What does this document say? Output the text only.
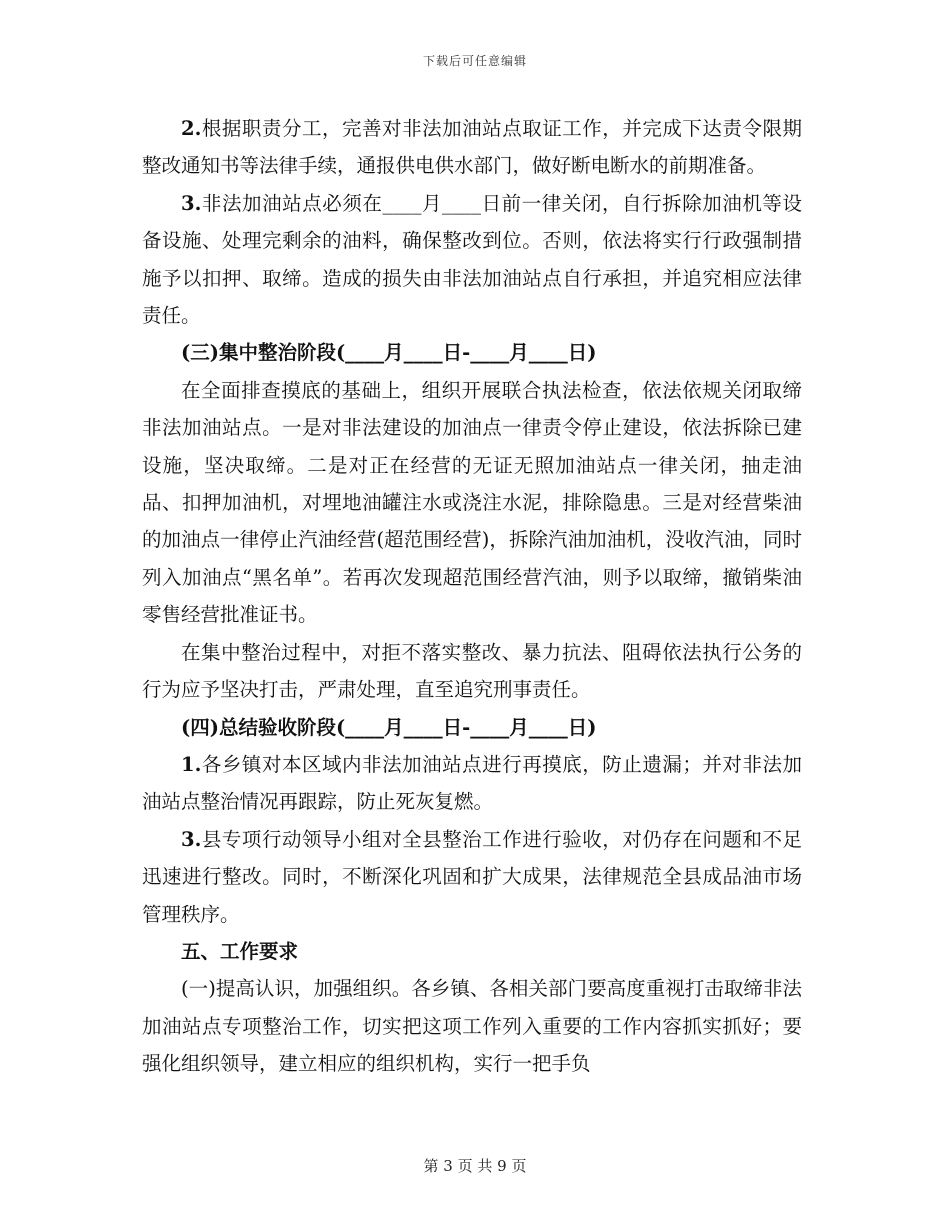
下载后可任意编辑

2.根据职责分工，完善对非法加油站点取证工作，并完成下达责令限期整改通知书等法律手续，通报供电供水部门，做好断电断水的前期准备。

3.非法加油站点必须在____月____日前一律关闭，自行拆除加油机等设备设施、处理完剩余的油料，确保整改到位。否则，依法将实行行政强制措施予以扣押、取缔。造成的损失由非法加油站点自行承担，并追究相应法律责任。

(三)集中整治阶段(____月____日-____月____日)

在全面排查摸底的基础上，组织开展联合执法检查，依法依规关闭取缔非法加油站点。一是对非法建设的加油点一律责令停止建设，依法拆除已建设施，坚决取缔。二是对正在经营的无证无照加油站点一律关闭，抽走油品、扣押加油机，对埋地油罐注水或浇注水泥，排除隐患。三是对经营柴油的加油点一律停止汽油经营(超范围经营)，拆除汽油加油机，没收汽油，同时列入加油点“黑名单”。若再次发现超范围经营汽油，则予以取缔，撤销柴油零售经营批准证书。

在集中整治过程中，对拒不落实整改、暴力抗法、阻碍依法执行公务的行为应予坚决打击，严肃处理，直至追究刑事责任。

(四)总结验收阶段(____月____日-____月____日)

1.各乡镇对本区域内非法加油站点进行再摸底，防止遗漏；并对非法加油站点整治情况再跟踪，防止死灰复燃。

3.县专项行动领导小组对全县整治工作进行验收，对仍存在问题和不足迅速进行整改。同时，不断深化巩固和扩大成果，法律规范全县成品油市场管理秩序。

五、工作要求

(一)提高认识，加强组织。各乡镇、各相关部门要高度重视打击取缔非法加油站点专项整治工作，切实把这项工作列入重要的工作内容抓实抓好；要强化组织领导，建立相应的组织机构，实行一把手负

第 3 页 共 9 页
